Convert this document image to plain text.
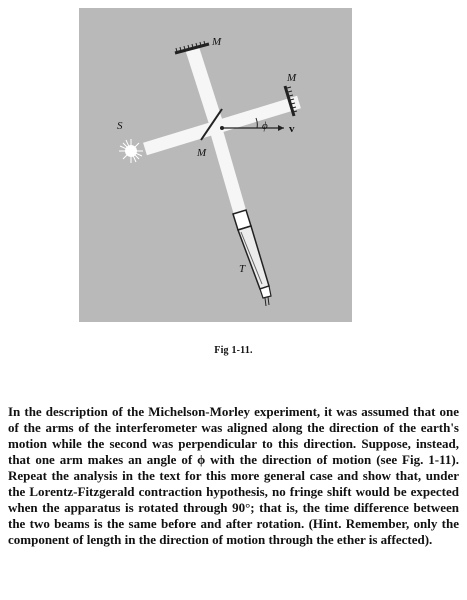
M
M
S
M
T
ϕ v
Fig 1-11.

In the description of the Michelson-Morley experiment, it was assumed that one of the arms of the interferometer was aligned along the direction of the earth's motion while the second was perpendicular to this direction. Suppose, instead, that one arm makes an angle of ϕ with the direction of motion (see Fig. 1-11). Repeat the analysis in the text for this more general case and show that, under the Lorentz-Fitzgerald contraction hypothesis, no fringe shift would be expected when the apparatus is rotated through 90°; that is, the time difference between the two beams is the same before and after rotation. (Hint. Remember, only the component of length in the direction of motion through the ether is affected).
